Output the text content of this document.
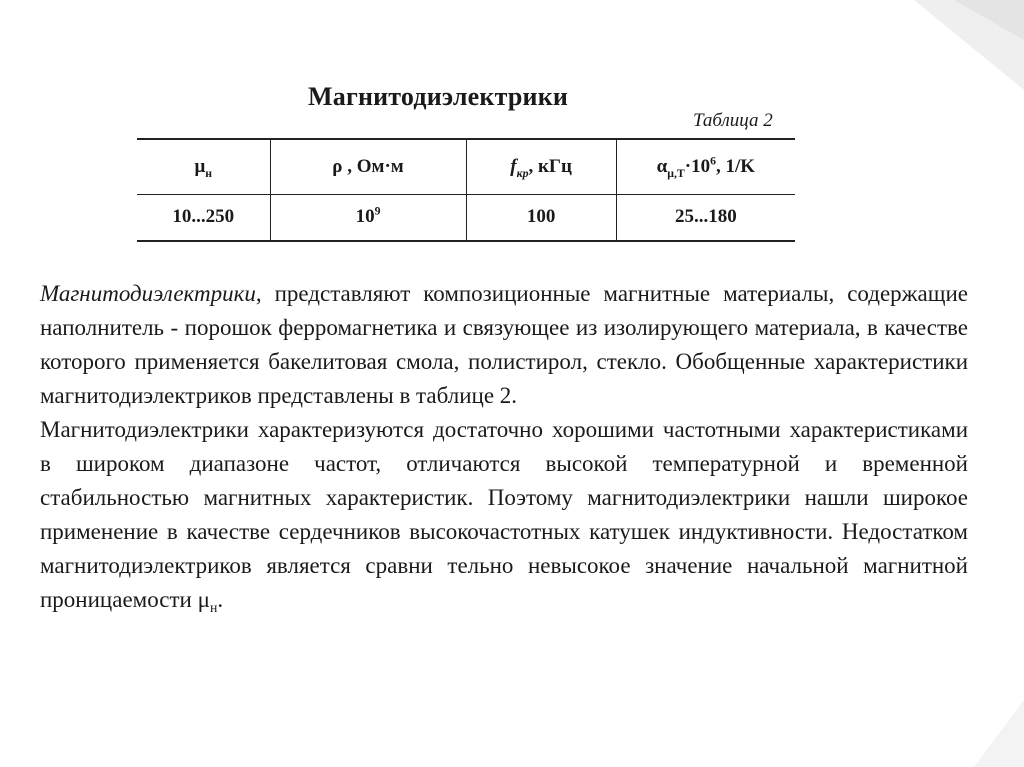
Магнитодиэлектрики
Таблица 2
$\mu_н$	ρ , Ом·м	$f_{кр}$, кГц	$\alpha_{\mu,T}\cdot 10^6$, 1/K
10...250	$10^9$	100	25...180

Магнитодиэлектрики, представляют композиционные магнитные материалы, содержащие наполнитель - порошок ферромагнетика и связующее из изолирующего материала, в качестве которого применяется бакелитовая смола, полистирол, стекло. Обобщенные характеристики магнитодиэлектриков представлены в таблице 2.

Магнитодиэлектрики характеризуются достаточно хорошими частотными характеристиками в широком диапазоне частот, отличаются высокой температурной и временной стабильностью магнитных характеристик. Поэтому магнитодиэлектрики нашли широкое применение в качестве сердечников высокочастотных катушек индуктивности. Недостатком магнитодиэлектриков является сравни тельно невысокое значение начальной магнитной проницаемости $\mu_н$.
